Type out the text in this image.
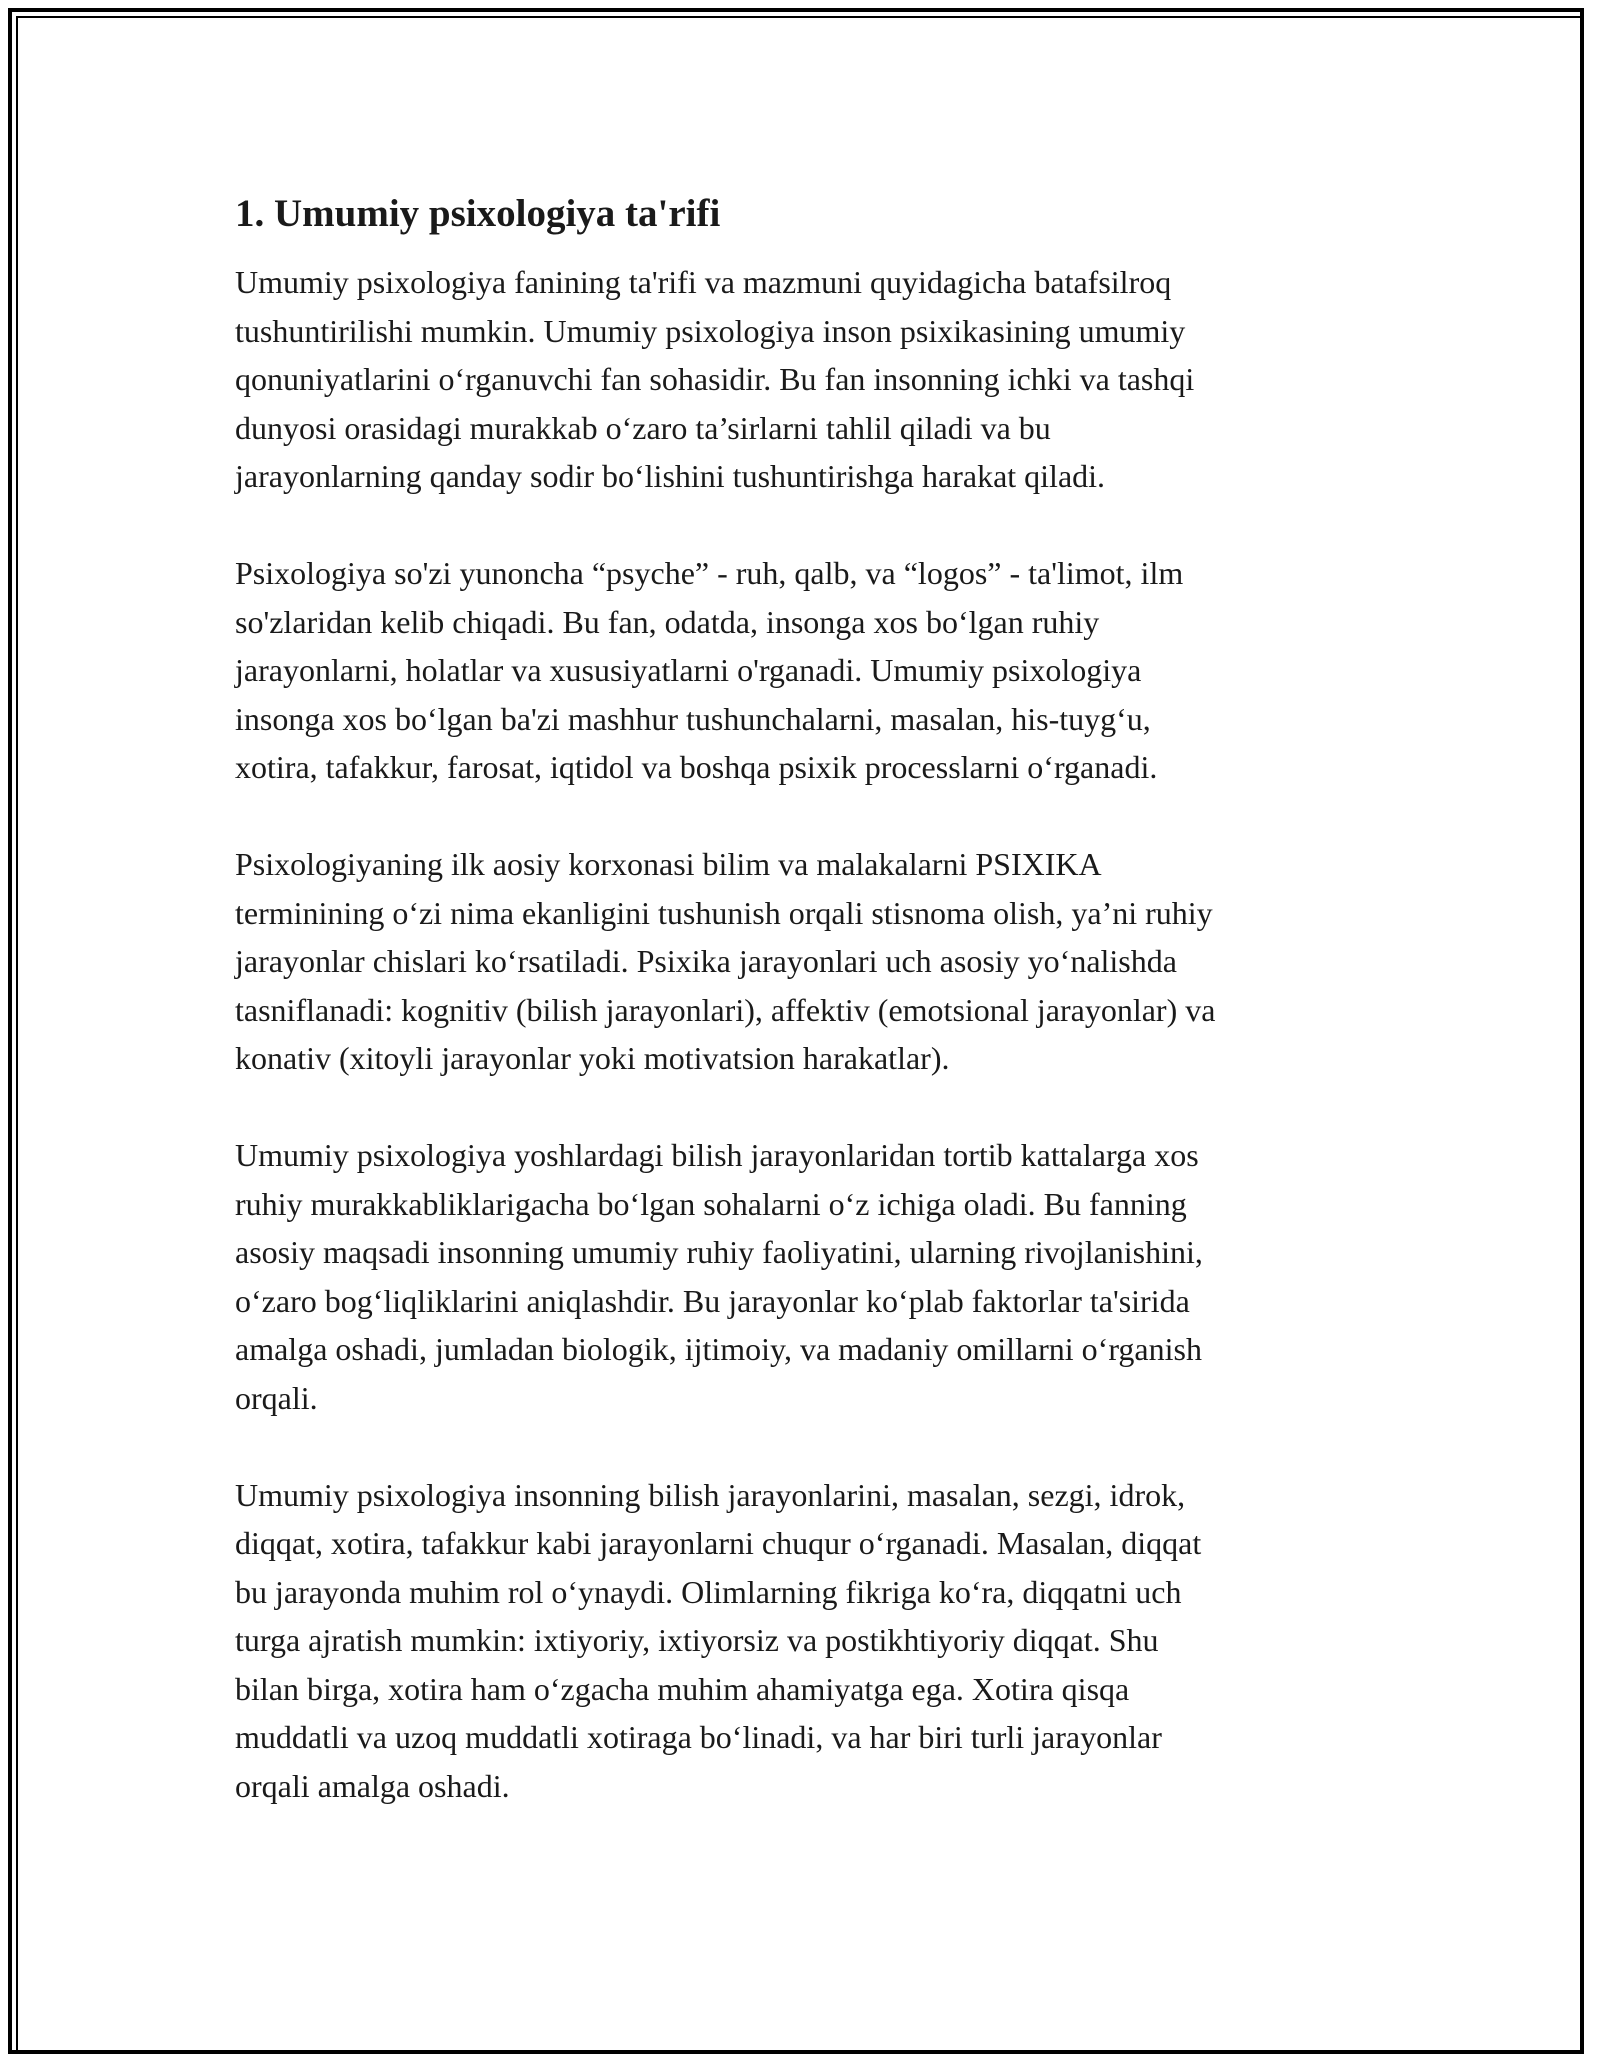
1. Umumiy psixologiya ta'rifi

Umumiy psixologiya fanining ta'rifi va mazmuni quyidagicha batafsilroq
tushuntirilishi mumkin. Umumiy psixologiya inson psixikasining umumiy
qonuniyatlarini o‘rganuvchi fan sohasidir. Bu fan insonning ichki va tashqi
dunyosi orasidagi murakkab o‘zaro ta’sirlarni tahlil qiladi va bu
jarayonlarning qanday sodir bo‘lishini tushuntirishga harakat qiladi.

Psixologiya so'zi yunoncha “psyche” - ruh, qalb, va “logos” - ta'limot, ilm
so'zlaridan kelib chiqadi. Bu fan, odatda, insonga xos bo‘lgan ruhiy
jarayonlarni, holatlar va xususiyatlarni o'rganadi. Umumiy psixologiya
insonga xos bo‘lgan ba'zi mashhur tushunchalarni, masalan, his-tuyg‘u,
xotira, tafakkur, farosat, iqtidol va boshqa psixik processlarni o‘rganadi.

Psixologiyaning ilk aosiy korxonasi bilim va malakalarni PSIXIKA
terminining o‘zi nima ekanligini tushunish orqali stisnoma olish, ya’ni ruhiy
jarayonlar chislari ko‘rsatiladi. Psixika jarayonlari uch asosiy yo‘nalishda
tasniflanadi: kognitiv (bilish jarayonlari), affektiv (emotsional jarayonlar) va
konativ (xitoyli jarayonlar yoki motivatsion harakatlar).

Umumiy psixologiya yoshlardagi bilish jarayonlaridan tortib kattalarga xos
ruhiy murakkabliklarigacha bo‘lgan sohalarni o‘z ichiga oladi. Bu fanning
asosiy maqsadi insonning umumiy ruhiy faoliyatini, ularning rivojlanishini,
o‘zaro bog‘liqliklarini aniqlashdir. Bu jarayonlar ko‘plab faktorlar ta'sirida
amalga oshadi, jumladan biologik, ijtimoiy, va madaniy omillarni o‘rganish
orqali.

Umumiy psixologiya insonning bilish jarayonlarini, masalan, sezgi, idrok,
diqqat, xotira, tafakkur kabi jarayonlarni chuqur o‘rganadi. Masalan, diqqat
bu jarayonda muhim rol o‘ynaydi. Olimlarning fikriga ko‘ra, diqqatni uch
turga ajratish mumkin: ixtiyoriy, ixtiyorsiz va postikhtiyoriy diqqat. Shu
bilan birga, xotira ham o‘zgacha muhim ahamiyatga ega. Xotira qisqa
muddatli va uzoq muddatli xotiraga bo‘linadi, va har biri turli jarayonlar
orqali amalga oshadi.
